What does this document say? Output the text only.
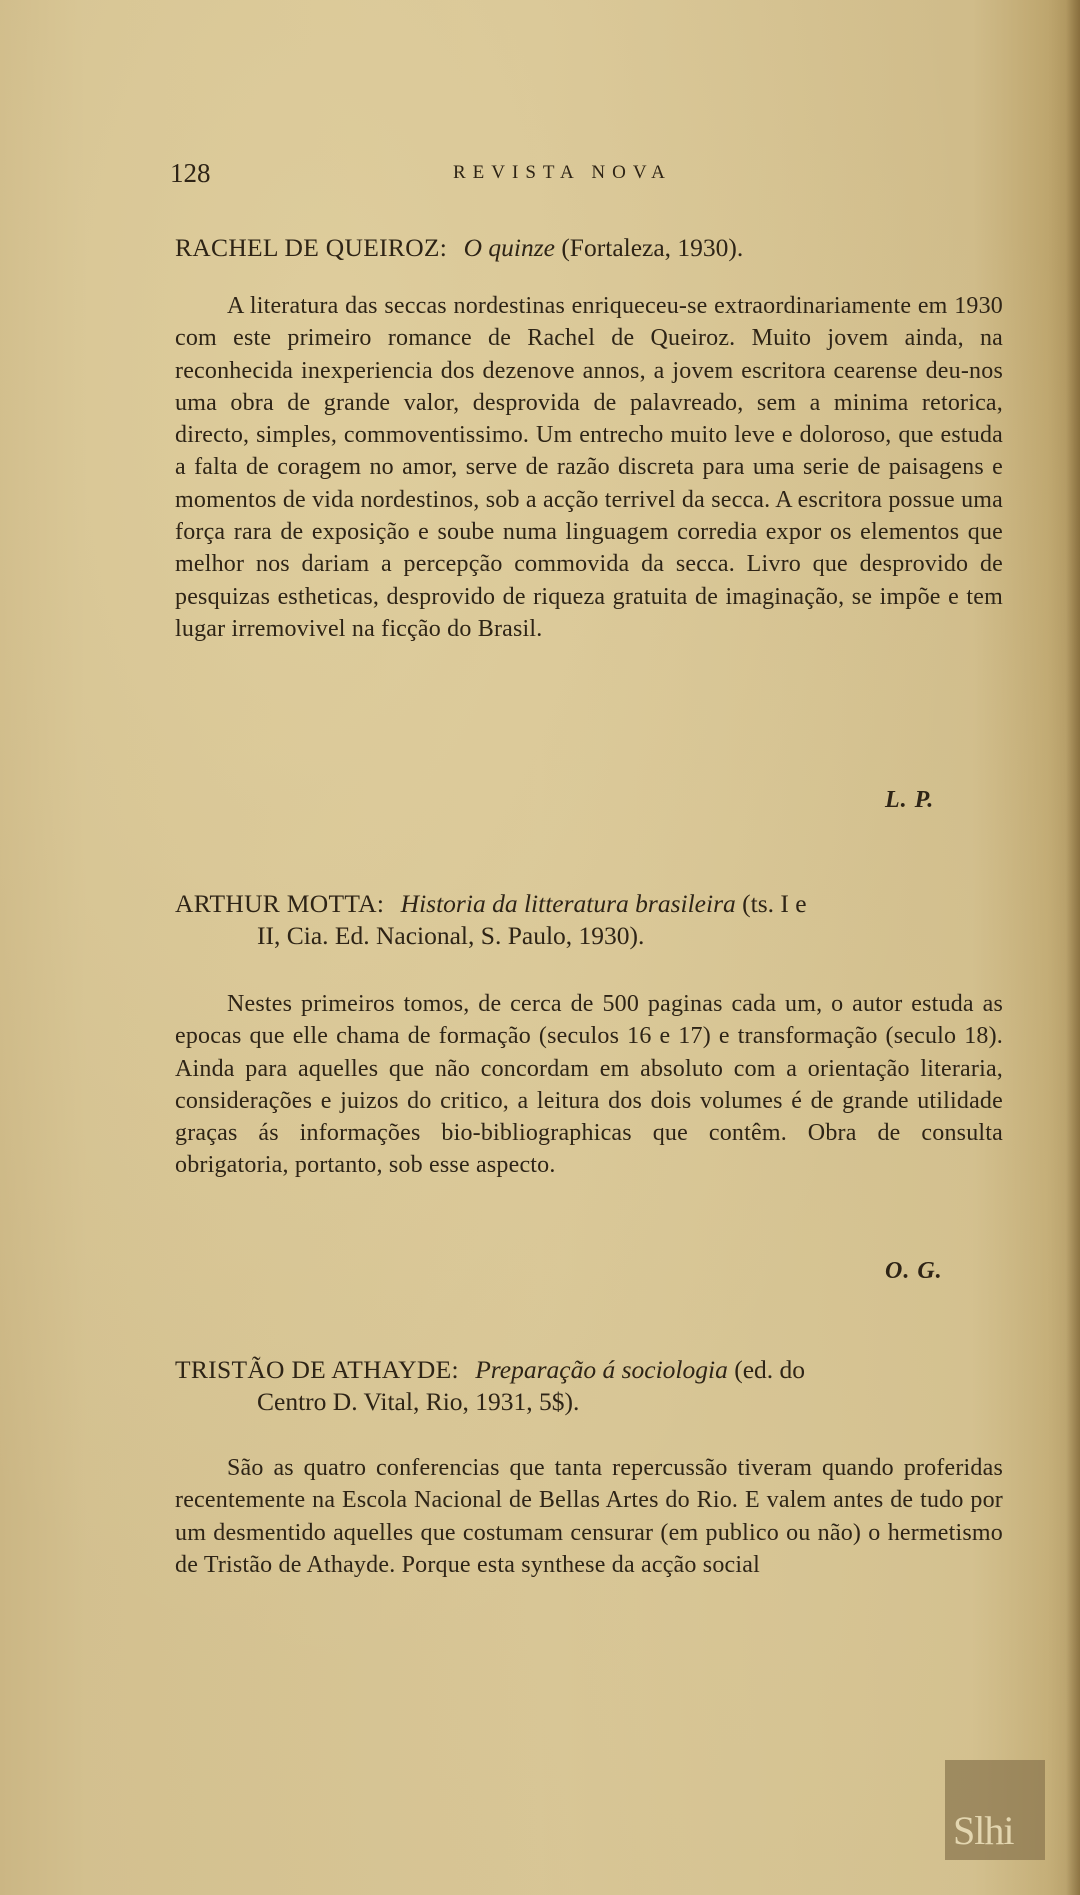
128	REVISTA NOVA
RACHEL DE QUEIROZ: O quinze (Fortaleza, 1930).
A literatura das seccas nordestinas enriqueceu-se extraordinariamente em 1930 com este primeiro romance de Rachel de Queiroz. Muito jovem ainda, na reconhecida inexperiencia dos dezenove annos, a jovem escritora cearense deu-nos uma obra de grande valor, desprovida de palavreado, sem a minima retorica, directo, simples, commoventissimo. Um entrecho muito leve e doloroso, que estuda a falta de coragem no amor, serve de razão discreta para uma serie de paisagens e momentos de vida nordestinos, sob a acção terrivel da secca. A escritora possue uma força rara de exposição e soube numa linguagem corredia expor os elementos que melhor nos dariam a percepção commovida da secca. Livro que desprovido de pesquizas estheticas, desprovido de riqueza gratuita de imaginação, se impõe e tem lugar irremovivel na ficção do Brasil.
L. P.
ARTHUR MOTTA: Historia da litteratura brasileira (ts. I e
II, Cia. Ed. Nacional, S. Paulo, 1930).
Nestes primeiros tomos, de cerca de 500 paginas cada um, o autor estuda as epocas que elle chama de formação (seculos 16 e 17) e transformação (seculo 18). Ainda para aquelles que não concordam em absoluto com a orientação literaria, considerações e juizos do critico, a leitura dos dois volumes é de grande utilidade graças ás informações bio-bibliographicas que contêm. Obra de consulta obrigatoria, portanto, sob esse aspecto.
O. G.
TRISTÃO DE ATHAYDE: Preparação á sociologia (ed. do
Centro D. Vital, Rio, 1931, 5$).
São as quatro conferencias que tanta repercussão tiveram quando proferidas recentemente na Escola Nacional de Bellas Artes do Rio. E valem antes de tudo por um desmentido aquelles que costumam censurar (em publico ou não) o hermetismo de Tristão de Athayde. Porque esta synthese da acção social
Slhi
